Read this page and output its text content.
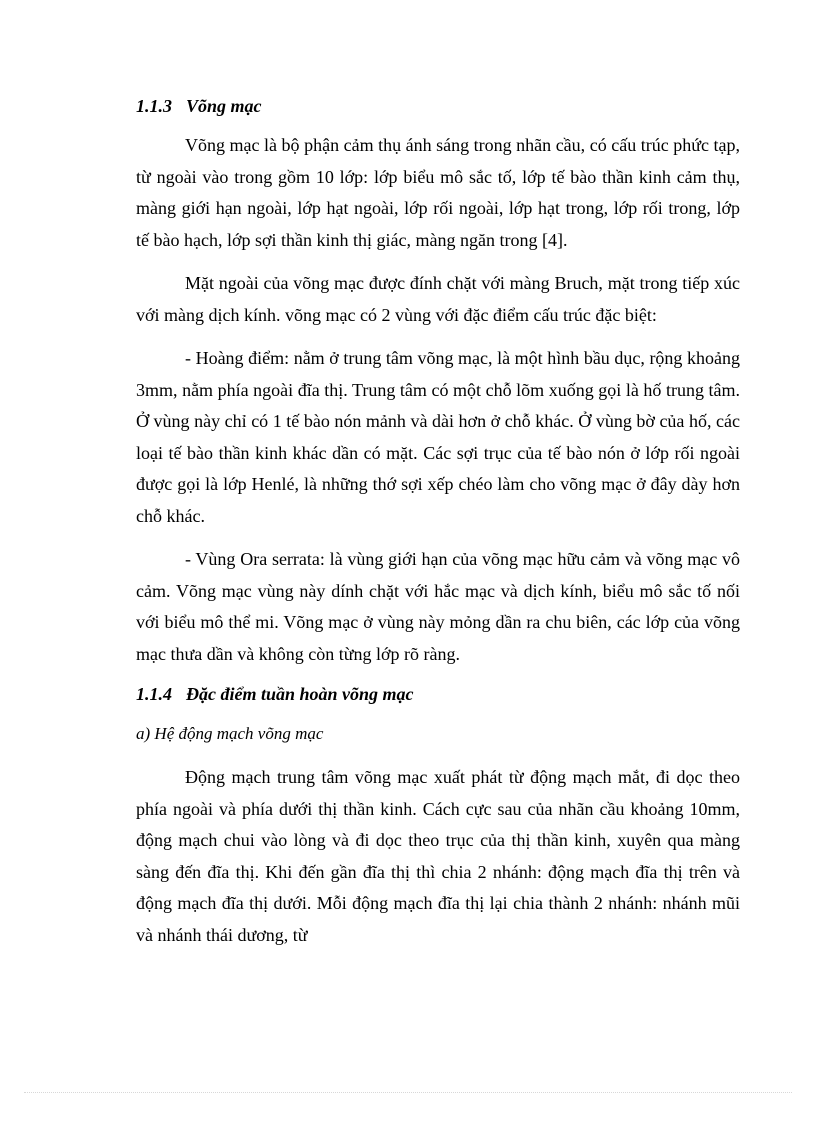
1.1.3 Võng mạc

Võng mạc là bộ phận cảm thụ ánh sáng trong nhãn cầu, có cấu trúc phức tạp, từ ngoài vào trong gồm 10 lớp: lớp biểu mô sắc tố, lớp tế bào thần kinh cảm thụ, màng giới hạn ngoài, lớp hạt ngoài, lớp rối ngoài, lớp hạt trong, lớp rối trong, lớp tế bào hạch, lớp sợi thần kinh thị giác, màng ngăn trong [4].

Mặt ngoài của võng mạc được đính chặt với màng Bruch, mặt trong tiếp xúc với màng dịch kính. võng mạc có 2 vùng với đặc điểm cấu trúc đặc biệt:

- Hoàng điểm: nằm ở trung tâm võng mạc, là một hình bầu dục, rộng khoảng 3mm, nằm phía ngoài đĩa thị. Trung tâm có một chỗ lõm xuống gọi là hố trung tâm. Ở vùng này chỉ có 1 tế bào nón mảnh và dài hơn ở chỗ khác. Ở vùng bờ của hố, các loại tế bào thần kinh khác dần có mặt. Các sợi trục của tế bào nón ở lớp rối ngoài được gọi là lớp Henlé, là những thớ sợi xếp chéo làm cho võng mạc ở đây dày hơn chỗ khác.

- Vùng Ora serrata: là vùng giới hạn của võng mạc hữu cảm và võng mạc vô cảm. Võng mạc vùng này dính chặt với hắc mạc và dịch kính, biểu mô sắc tố nối với biểu mô thể mi. Võng mạc ở vùng này mỏng dần ra chu biên, các lớp của võng mạc thưa dần và không còn từng lớp rõ ràng.

1.1.4 Đặc điểm tuần hoàn võng mạc

a) Hệ động mạch võng mạc

Động mạch trung tâm võng mạc xuất phát từ động mạch mắt, đi dọc theo phía ngoài và phía dưới thị thần kinh. Cách cực sau của nhãn cầu khoảng 10mm, động mạch chui vào lòng và đi dọc theo trục của thị thần kinh, xuyên qua màng sàng đến đĩa thị. Khi đến gần đĩa thị thì chia 2 nhánh: động mạch đĩa thị trên và động mạch đĩa thị dưới. Mỗi động mạch đĩa thị lại chia thành 2 nhánh: nhánh mũi và nhánh thái dương, từ
